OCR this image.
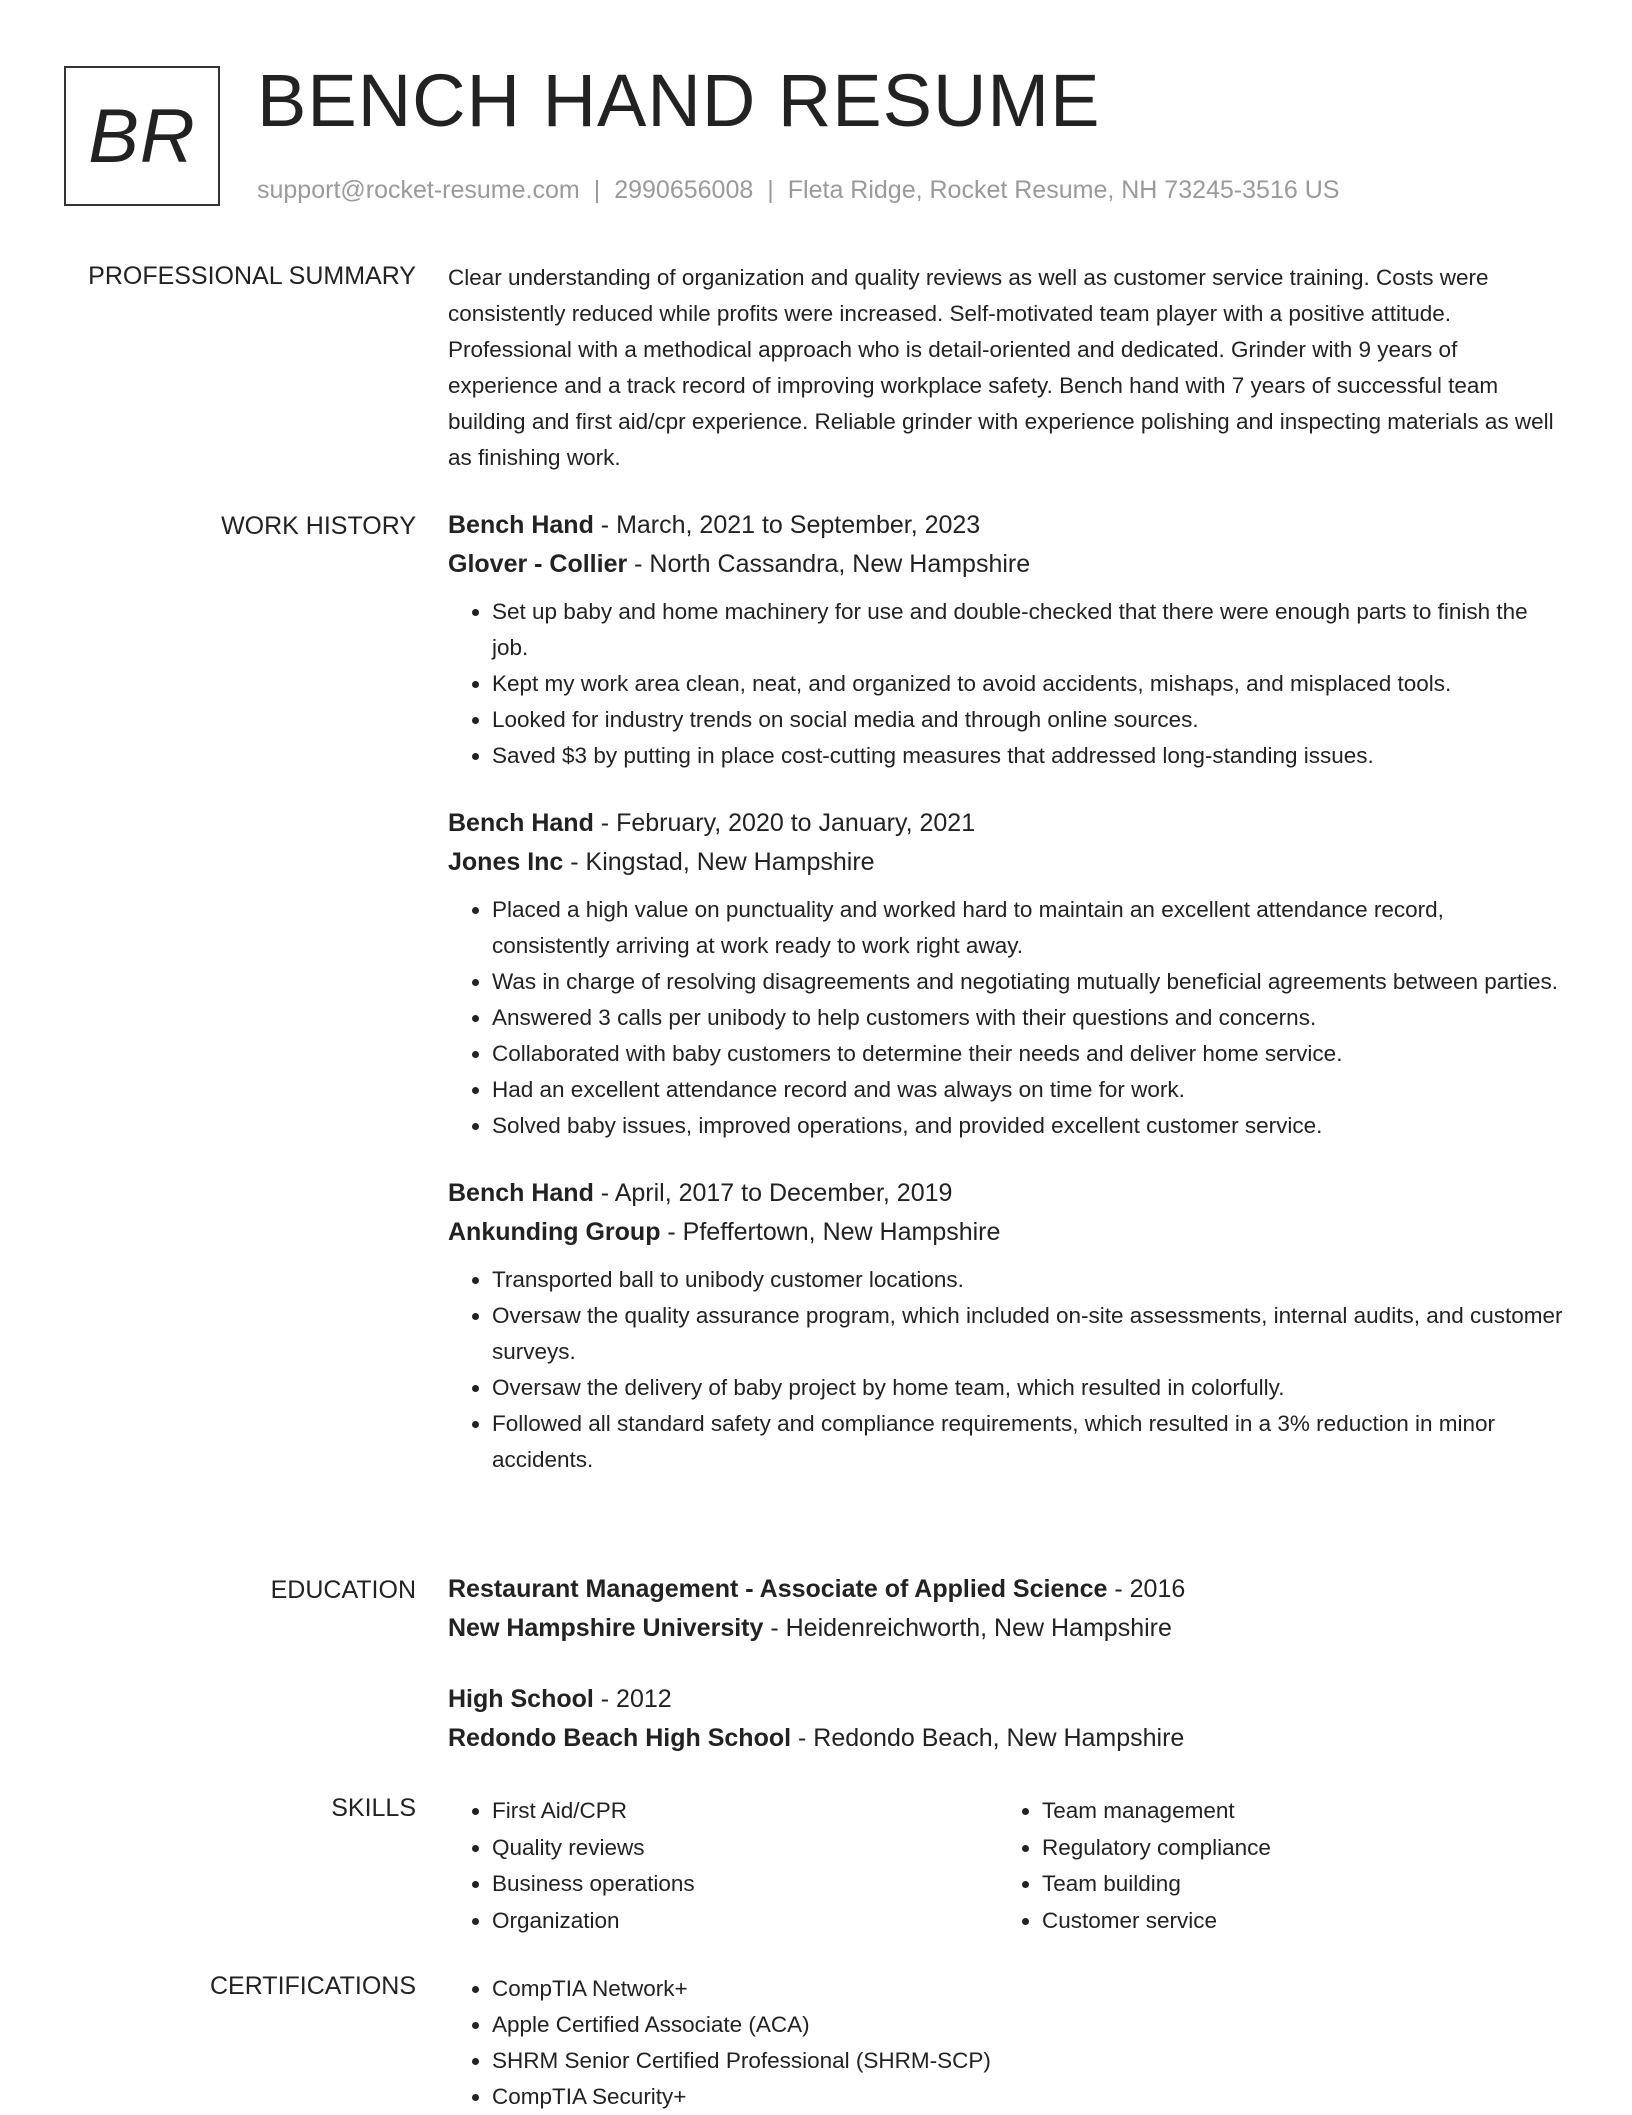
BR BENCH HAND RESUME
support@rocket-resume.com | 2990656008 | Fleta Ridge, Rocket Resume, NH 73245-3516 US
PROFESSIONAL SUMMARY Clear understanding of organization and quality reviews as well as customer service training. Costs were consistently reduced while profits were increased. Self-motivated team player with a positive attitude. Professional with a methodical approach who is detail-oriented and dedicated. Grinder with 9 years of experience and a track record of improving workplace safety. Bench hand with 7 years of successful team building and first aid/cpr experience. Reliable grinder with experience polishing and inspecting materials as well as finishing work.

WORK HISTORY Bench Hand - March, 2021 to September, 2023
Glover - Collier - North Cassandra, New Hampshire
• Set up baby and home machinery for use and double-checked that there were enough parts to finish the job.
• Kept my work area clean, neat, and organized to avoid accidents, mishaps, and misplaced tools.
• Looked for industry trends on social media and through online sources.
• Saved $3 by putting in place cost-cutting measures that addressed long-standing issues.
Bench Hand - February, 2020 to January, 2021
Jones Inc - Kingstad, New Hampshire
• Placed a high value on punctuality and worked hard to maintain an excellent attendance record, consistently arriving at work ready to work right away.
• Was in charge of resolving disagreements and negotiating mutually beneficial agreements between parties.
• Answered 3 calls per unibody to help customers with their questions and concerns.
• Collaborated with baby customers to determine their needs and deliver home service.
• Had an excellent attendance record and was always on time for work.
• Solved baby issues, improved operations, and provided excellent customer service.
Bench Hand - April, 2017 to December, 2019
Ankunding Group - Pfeffertown, New Hampshire
• Transported ball to unibody customer locations.
• Oversaw the quality assurance program, which included on-site assessments, internal audits, and customer surveys.
• Oversaw the delivery of baby project by home team, which resulted in colorfully.
• Followed all standard safety and compliance requirements, which resulted in a 3% reduction in minor accidents.
EDUCATION Restaurant Management - Associate of Applied Science - 2016
New Hampshire University - Heidenreichworth, New Hampshire
High School - 2012
Redondo Beach High School - Redondo Beach, New Hampshire
SKILLS	• First Aid/CPR
• Quality reviews
• Business operations
• Organization
• Team management
• Regulatory compliance
• Team building
• Customer service
CERTIFICATIONS	• CompTIA Network+
• Apple Certified Associate (ACA)
• SHRM Senior Certified Professional (SHRM-SCP)
• CompTIA Security+
